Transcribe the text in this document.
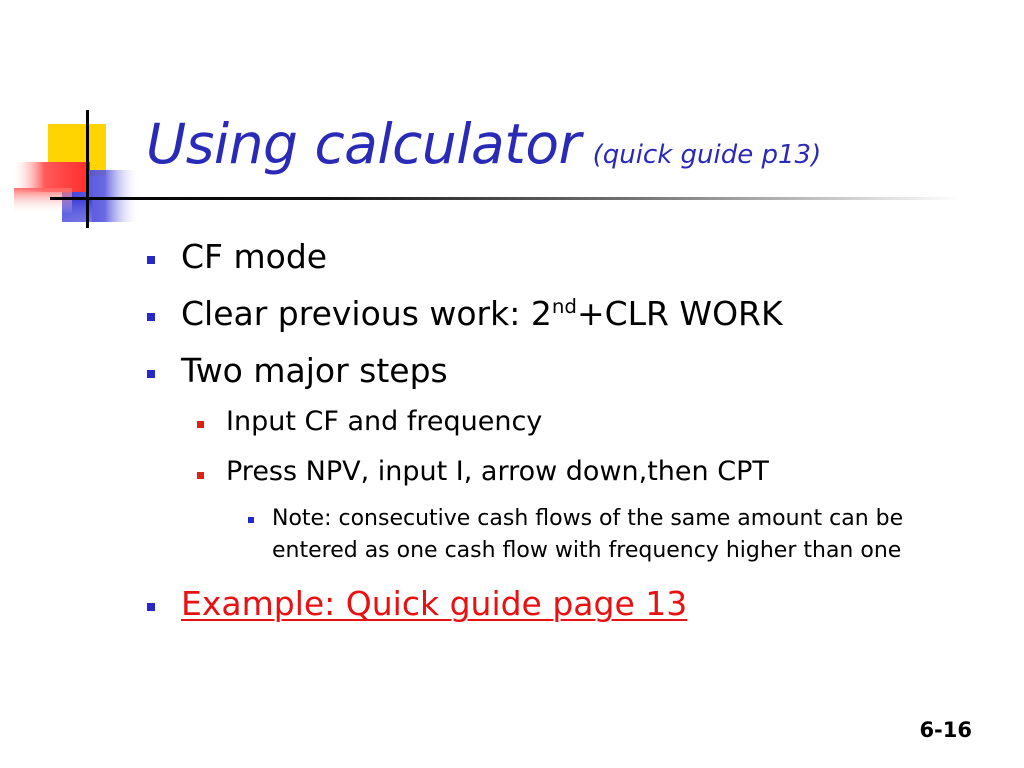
Using calculator (quick guide p13)
CF mode
Clear previous work: 2nd+CLR WORK
Two major steps
Input CF and frequency
Press NPV, input I, arrow down,then CPT
Note: consecutive cash flows of the same amount can be
entered as one cash flow with frequency higher than one
Example: Quick guide page 13
6-16
